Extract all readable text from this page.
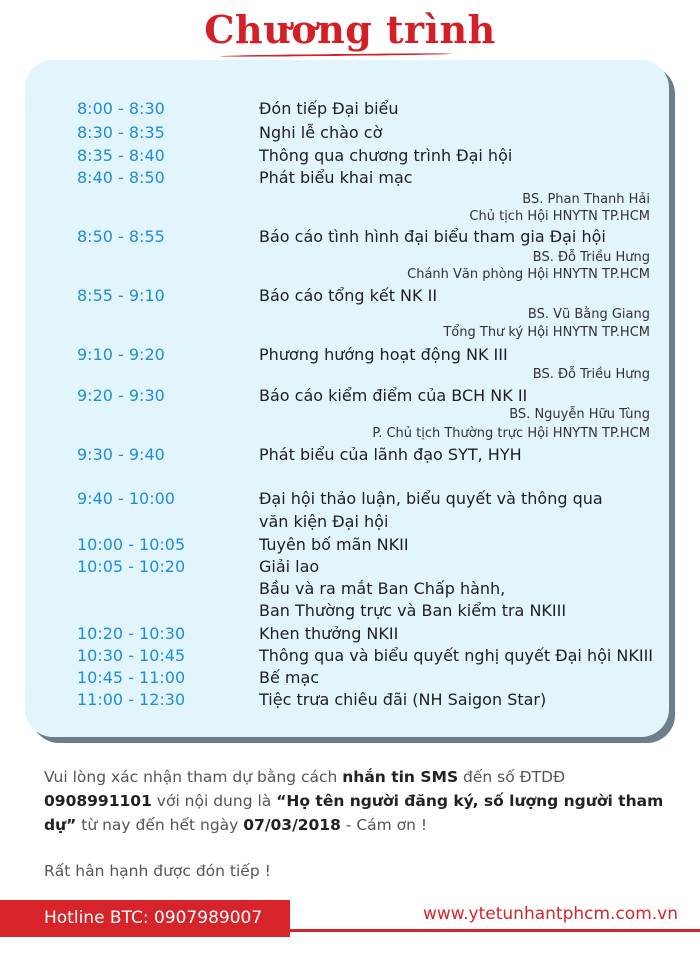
Chương trình
8:00 - 8:30	Đón tiếp Đại biểu
8:30 - 8:35	Nghi lễ chào cờ
8:35 - 8:40	Thông qua chương trình Đại hội
8:40 - 8:50	Phát biểu khai mạc
BS. Phan Thanh Hải
Chủ tịch Hội HNYTN TP.HCM
8:50 - 8:55	Báo cáo tình hình đại biểu tham gia Đại hội
BS. Đỗ Triều Hưng
Chánh Văn phòng Hội HNYTN TP.HCM
8:55 - 9:10	Báo cáo tổng kết NK II
BS. Vũ Bằng Giang
Tổng Thư ký Hội HNYTN TP.HCM
9:10 - 9:20	Phương hướng hoạt động NK III
BS. Đỗ Triều Hưng
9:20 - 9:30	Báo cáo kiểm điểm của BCH NK II
BS. Nguyễn Hữu Tùng
P. Chủ tịch Thường trực Hội HNYTN TP.HCM
9:30 - 9:40	Phát biểu của lãnh đạo SYT, HYH
9:40 - 10:00	Đại hội thảo luận, biểu quyết và thông qua
văn kiện Đại hội
10:00 - 10:05	Tuyên bố mãn NKII
10:05 - 10:20	Giải lao
Bầu và ra mắt Ban Chấp hành,
Ban Thường trực và Ban kiểm tra NKIII
10:20 - 10:30	Khen thưởng NKII
10:30 - 10:45	Thông qua và biểu quyết nghị quyết Đại hội NKIII
10:45 - 11:00	Bế mạc
11:00 - 12:30	Tiệc trưa chiêu đãi (NH Saigon Star)

Vui lòng xác nhận tham dự bằng cách nhắn tin SMS đến số ĐTDĐ 0908991101 với nội dung là “Họ tên người đăng ký, số lượng người tham dự” từ nay đến hết ngày 07/03/2018 - Cám ơn !

Rất hân hạnh được đón tiếp !

Hotline BTC: 0907989007	www.ytetunhantphcm.com.vn
